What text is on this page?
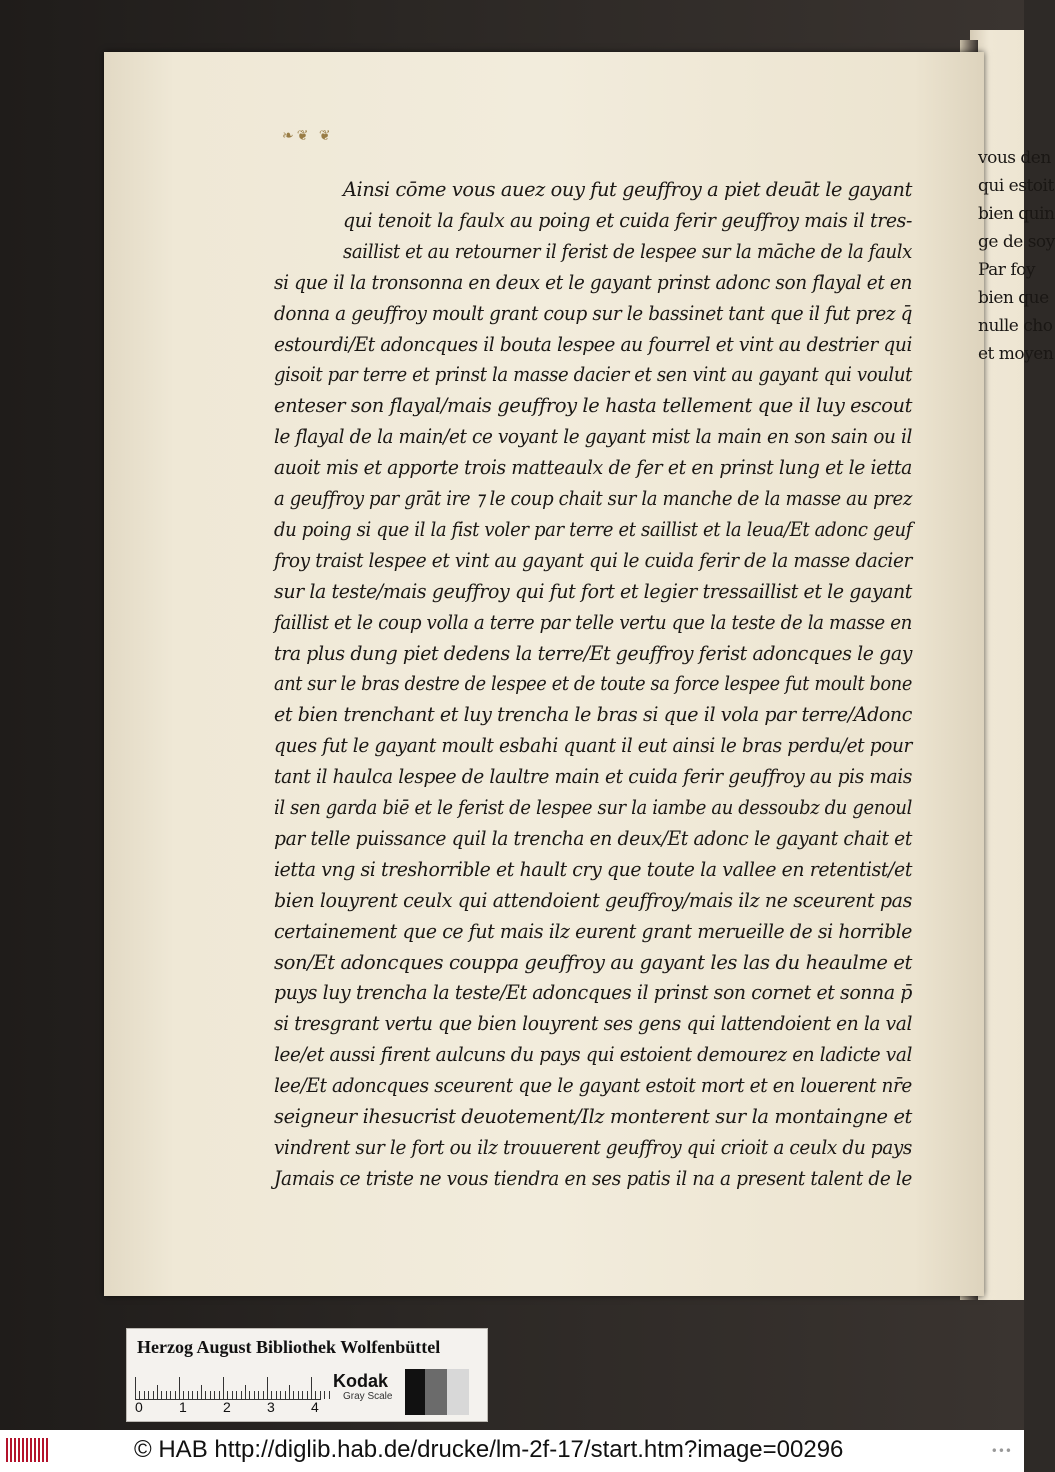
❧❦ ❦
Ainsi cōme vous auez ouy fut geuffroy a piet deuāt le gayant
qui tenoit la faulx au poing et cuida ferir geuffroy mais il tres-
saillist et au retourner il ferist de lespee sur la māche de la faulx
si que il la tronsonna en deux et le gayant prinst adonc son flayal et en
donna a geuffroy moult grant coup sur le bassinet tant que il fut prez q̄
estourdi/Et adoncques il bouta lespee au fourrel et vint au destrier qui
gisoit par terre et prinst la masse dacier et sen vint au gayant qui voulut
enteser son flayal/mais geuffroy le hasta tellement que il luy escout
le flayal de la main/et ce voyant le gayant mist la main en son sain ou il
auoit mis et apporte trois matteaulx de fer et en prinst lung et le ietta
a geuffroy par grāt ire ⁊ le coup chait sur la manche de la masse au prez
du poing si que il la fist voler par terre et saillist et la leua/Et adonc geuf
froy traist lespee et vint au gayant qui le cuida ferir de la masse dacier
sur la teste/mais geuffroy qui fut fort et legier tressaillist et le gayant
faillist et le coup volla a terre par telle vertu que la teste de la masse en
tra plus dung piet dedens la terre/Et geuffroy ferist adoncques le gay
ant sur le bras destre de lespee et de toute sa force lespee fut moult bone
et bien trenchant et luy trencha le bras si que il vola par terre/Adonc
ques fut le gayant moult esbahi quant il eut ainsi le bras perdu/et pour
tant il haulca lespee de laultre main et cuida ferir geuffroy au pis mais
il sen garda biē et le ferist de lespee sur la iambe au dessoubz du genoul
par telle puissance quil la trencha en deux/Et adonc le gayant chait et
ietta vng si treshorrible et hault cry que toute la vallee en retentist/et
bien louyrent ceulx qui attendoient geuffroy/mais ilz ne sceurent pas
certainement que ce fut mais ilz eurent grant merueille de si horrible
son/Et adoncques couppa geuffroy au gayant les las du heaulme et
puys luy trencha la teste/Et adoncques il prinst son cornet et sonna p̄
si tresgrant vertu que bien louyrent ses gens qui lattendoient en la val
lee/et aussi firent aulcuns du pays qui estoient demourez en ladicte val
lee/Et adoncques sceurent que le gayant estoit mort et en louerent nr̄e
seigneur ihesucrist deuotement/Ilz monterent sur la montaingne et
vindrent sur le fort ou ilz trouuerent geuffroy qui crioit a ceulx du pays
Jamais ce triste ne vous tiendra en ses patis il na a present talent de le
vous den
qui estoit
bien quin
ge de soy
Par foy
bien que
nulle cho
et moyen
Herzog August Bibliothek Wolfenbüttel
0	1	2	3	4
Kodak
Gray Scale
© HAB http://diglib.hab.de/drucke/lm-2f-17/start.htm?image=00296	•••
